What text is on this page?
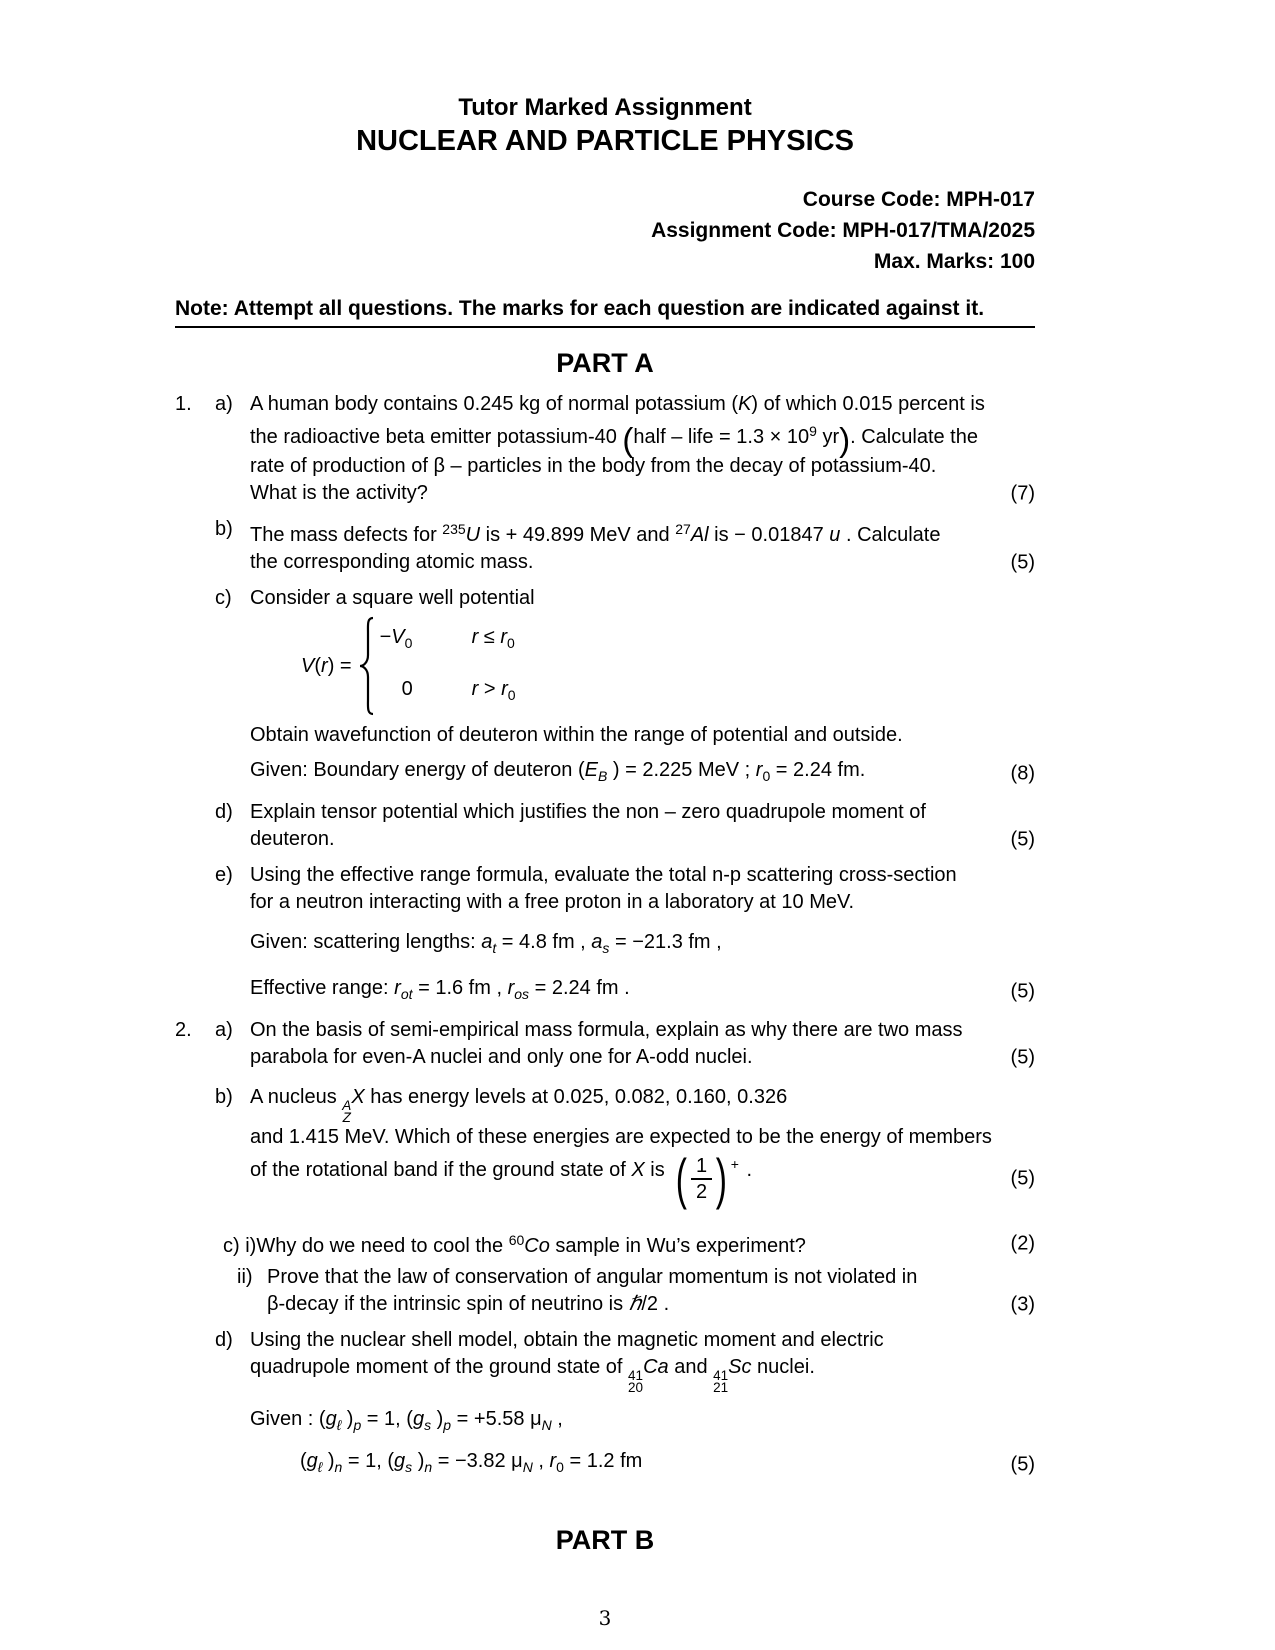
Tutor Marked Assignment
NUCLEAR AND PARTICLE PHYSICS
Course Code: MPH-017
Assignment Code: MPH-017/TMA/2025
Max. Marks: 100
Note: Attempt all questions. The marks for each question are indicated against it.
PART A
1.	a) A human body contains 0.245 kg of normal potassium (K) of which 0.015 percent is
the radioactive beta emitter potassium-40 (half – life = $1.3 \times 10^9$ yr). Calculate the
rate of production of β – particles in the body from the decay of potassium-40.
What is the activity?	(7)
b) The mass defects for $^{235}$U is + 49.899 MeV and $^{27}$Al is − 0.01847 u . Calculate
the corresponding atomic mass.	(5)
c) Consider a square well potential
V(r) =
$-V_0$	$r \le r_0$
0	$r > r_0$
Obtain wavefunction of deuteron within the range of potential and outside.
Given: Boundary energy of deuteron ($E_B$ ) = 2.225 MeV ; $r_0 = 2.24$ fm.	(8)
d) Explain tensor potential which justifies the non – zero quadrupole moment of
deuteron.	(5)
e) Using the effective range formula, evaluate the total n-p scattering cross-section
for a neutron interacting with a free proton in a laboratory at 10 MeV.
Given: scattering lengths: $a_t = 4.8$ fm , $a_s = -21.3$ fm ,
Effective range: $r_{ot} = 1.6$ fm , $r_{os} = 2.24$ fm .	(5)
2.	a) On the basis of semi-empirical mass formula, explain as why there are two mass
parabola for even-A nuclei and only one for A-odd nuclei.	(5)
b) A nucleus A
Z
X has energy levels at 0.025, 0.082, 0.160, 0.326
and 1.415 MeV. Which of these energies are expected to be the energy of members
of the rotational band if the ground state of X is ( $\frac{1}{2}$ ) + .	(5)
c) i)Why do we need to cool the $^{60}$Co sample in Wu’s experiment?	(2)
ii) Prove that the law of conservation of angular momentum is not violated in
β-decay if the intrinsic spin of neutrino is ℏ/2 .	(3)
d) Using the nuclear shell model, obtain the magnetic moment and electric
quadrupole moment of the ground state of 41
20
Ca and 41
21
Sc nuclei.
Given : ($g_\ell$ )$_p = 1$, ($g_s$ )$_p = +5.58$ $\mu_N$ ,
($g_\ell$ )$_n = 1$, ($g_s$ )$_n = -3.82$ $\mu_N$ , $r_0 = 1.2$ fm	(5)
PART B
3
